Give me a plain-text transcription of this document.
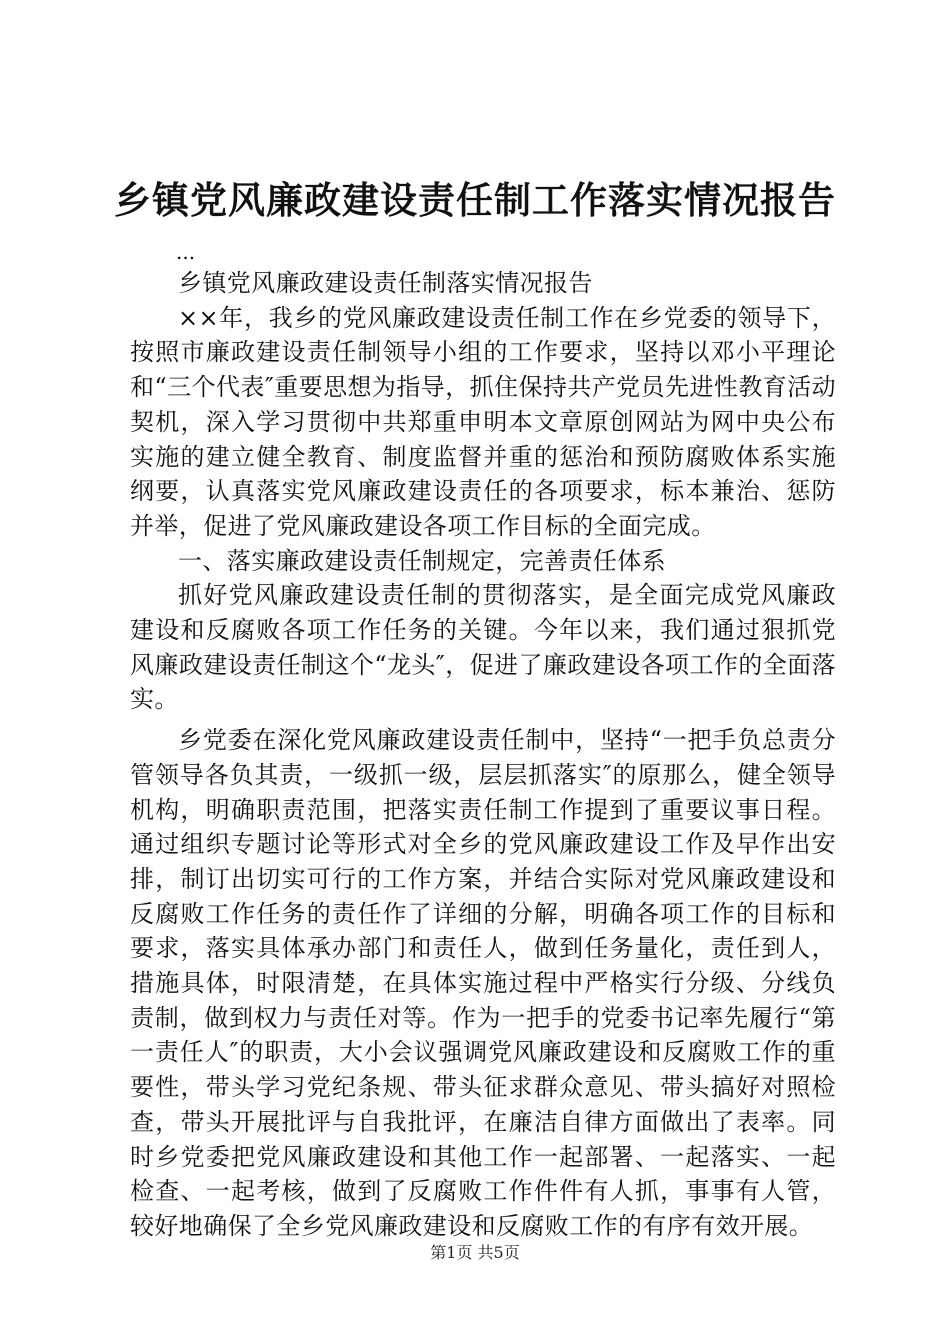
乡镇党风廉政建设责任制工作落实情况报告
...

乡镇党风廉政建设责任制落实情况报告

××年，我乡的党风廉政建设责任制工作在乡党委的领导下，按照市廉政建设责任制领导小组的工作要求，坚持以邓小平理论和“三个代表″重要思想为指导，抓住保持共产党员先进性教育活动契机，深入学习贯彻中共郑重申明本文章原创网站为网中央公布实施的建立健全教育、制度监督并重的惩治和预防腐败体系实施纲要，认真落实党风廉政建设责任的各项要求，标本兼治、惩防并举，促进了党风廉政建设各项工作目标的全面完成。

一、落实廉政建设责任制规定，完善责任体系

抓好党风廉政建设责任制的贯彻落实，是全面完成党风廉政建设和反腐败各项工作任务的关键。今年以来，我们通过狠抓党风廉政建设责任制这个“龙头″，促进了廉政建设各项工作的全面落实。

乡党委在深化党风廉政建设责任制中，坚持“一把手负总责分管领导各负其责，一级抓一级，层层抓落实″的原那么，健全领导机构，明确职责范围，把落实责任制工作提到了重要议事日程。通过组织专题讨论等形式对全乡的党风廉政建设工作及早作出安排，制订出切实可行的工作方案，并结合实际对党风廉政建设和反腐败工作任务的责任作了详细的分解，明确各项工作的目标和要求，落实具体承办部门和责任人，做到任务量化，责任到人，措施具体，时限清楚，在具体实施过程中严格实行分级、分线负责制，做到权力与责任对等。作为一把手的党委书记率先履行“第一责任人″的职责，大小会议强调党风廉政建设和反腐败工作的重要性，带头学习党纪条规、带头征求群众意见、带头搞好对照检查，带头开展批评与自我批评，在廉洁自律方面做出了表率。同时乡党委把党风廉政建设和其他工作一起部署、一起落实、一起检查、一起考核，做到了反腐败工作件件有人抓，事事有人管，较好地确保了全乡党风廉政建设和反腐败工作的有序有效开展。

第1页 共5页
